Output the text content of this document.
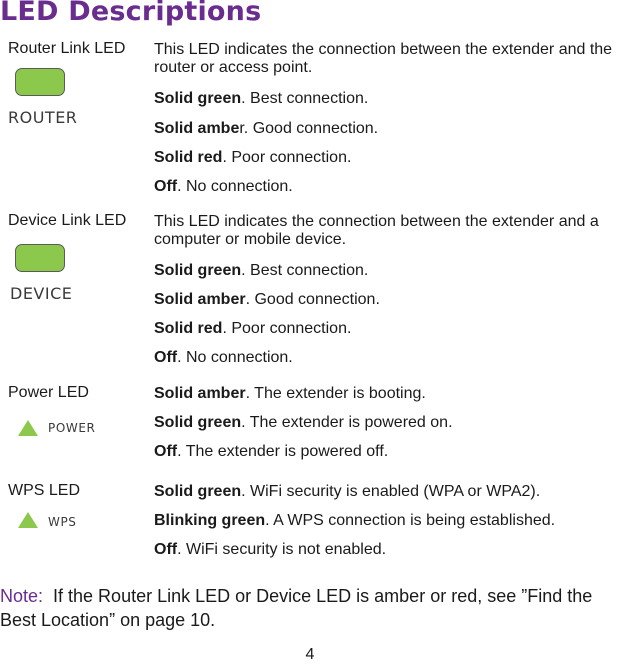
LED Descriptions
Router Link LED
ROUTER
This LED indicates the connection between the extender and the router or access point.
Solid green. Best connection.
Solid amber. Good connection.
Solid red. Poor connection.
Off. No connection.
Device Link LED
DEVICE
This LED indicates the connection between the extender and a computer or mobile device.
Solid green. Best connection.
Solid amber. Good connection.
Solid red. Poor connection.
Off. No connection.
Power LED
POWER
Solid amber. The extender is booting.
Solid green. The extender is powered on.
Off. The extender is powered off.
WPS LED
WPS
Solid green. WiFi security is enabled (WPA or WPA2).
Blinking green. A WPS connection is being established.
Off. WiFi security is not enabled.
Note: If the Router Link LED or Device LED is amber or red, see ”Find the Best Location” on page 10.
4
